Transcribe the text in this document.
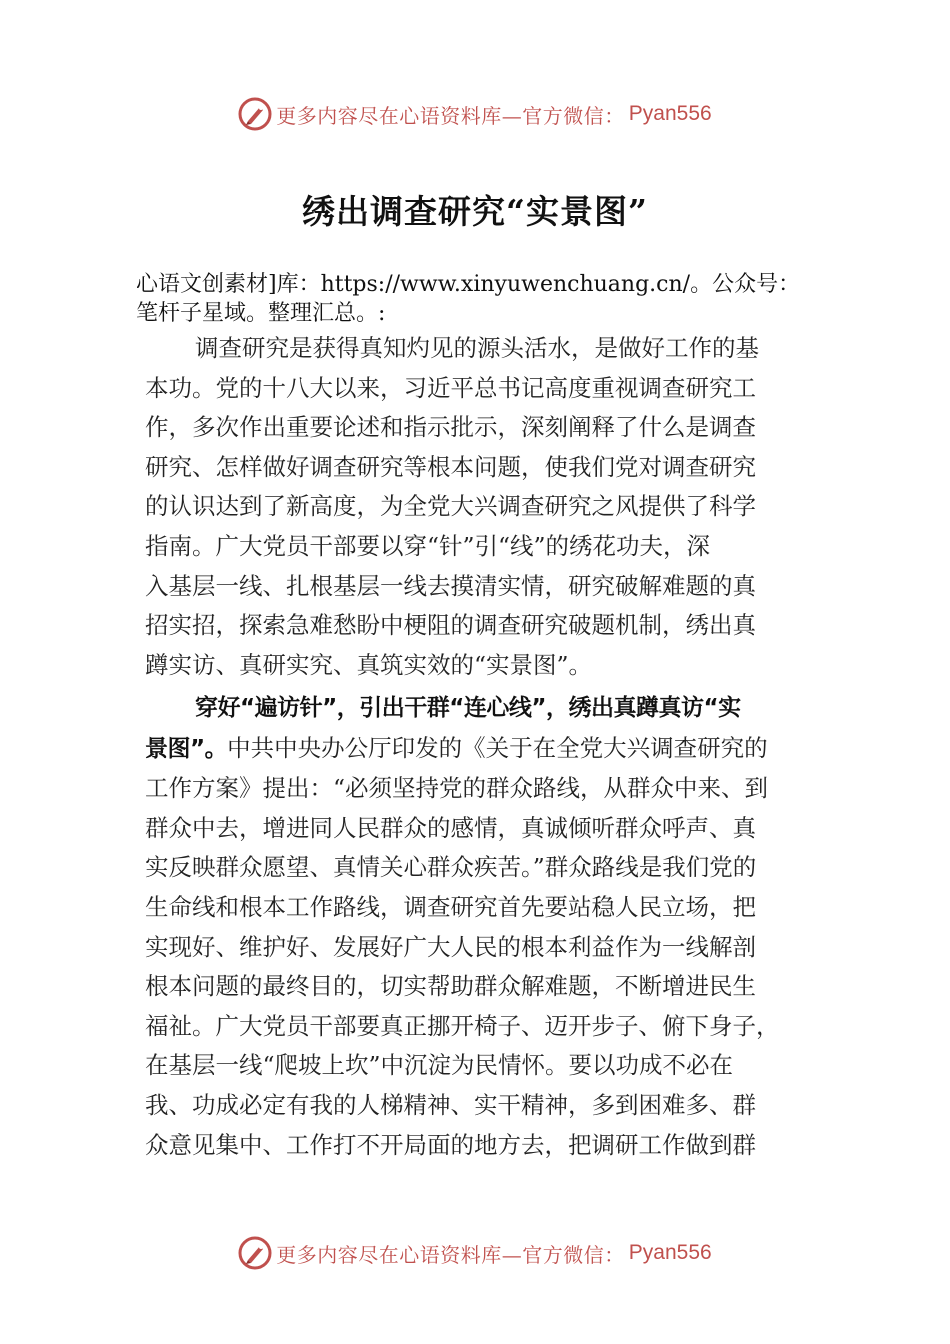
更多内容尽在心语资料库—官方微信： Pyan556
绣出调查研究“实景图”
心语文创素材]库：https://www.xinyuwenchuang.cn/。公众号：笔杆子星域。整理汇总。:
调查研究是获得真知灼见的源头活水，是做好工作的基
本功。党的十八大以来，习近平总书记高度重视调查研究工
作，多次作出重要论述和指示批示，深刻阐释了什么是调查
研究、怎样做好调查研究等根本问题，使我们党对调查研究
的认识达到了新高度，为全党大兴调查研究之风提供了科学
指南。广大党员干部要以穿“针”引“线”的绣花功夫，深
入基层一线、扎根基层一线去摸清实情，研究破解难题的真
招实招，探索急难愁盼中梗阻的调查研究破题机制，绣出真
蹲实访、真研实究、真筑实效的“实景图”。
穿好“遍访针”，引出干群“连心线”，绣出真蹲真访“实
景图”。中共中央办公厅印发的《关于在全党大兴调查研究的
工作方案》提出：“必须坚持党的群众路线，从群众中来、到
群众中去，增进同人民群众的感情，真诚倾听群众呼声、真
实反映群众愿望、真情关心群众疾苦。”群众路线是我们党的
生命线和根本工作路线，调查研究首先要站稳人民立场，把
实现好、维护好、发展好广大人民的根本利益作为一线解剖
根本问题的最终目的，切实帮助群众解难题，不断增进民生
福祉。广大党员干部要真正挪开椅子、迈开步子、俯下身子，
在基层一线“爬坡上坎”中沉淀为民情怀。要以功成不必在
我、功成必定有我的人梯精神、实干精神，多到困难多、群
众意见集中、工作打不开局面的地方去，把调研工作做到群
更多内容尽在心语资料库—官方微信： Pyan556
